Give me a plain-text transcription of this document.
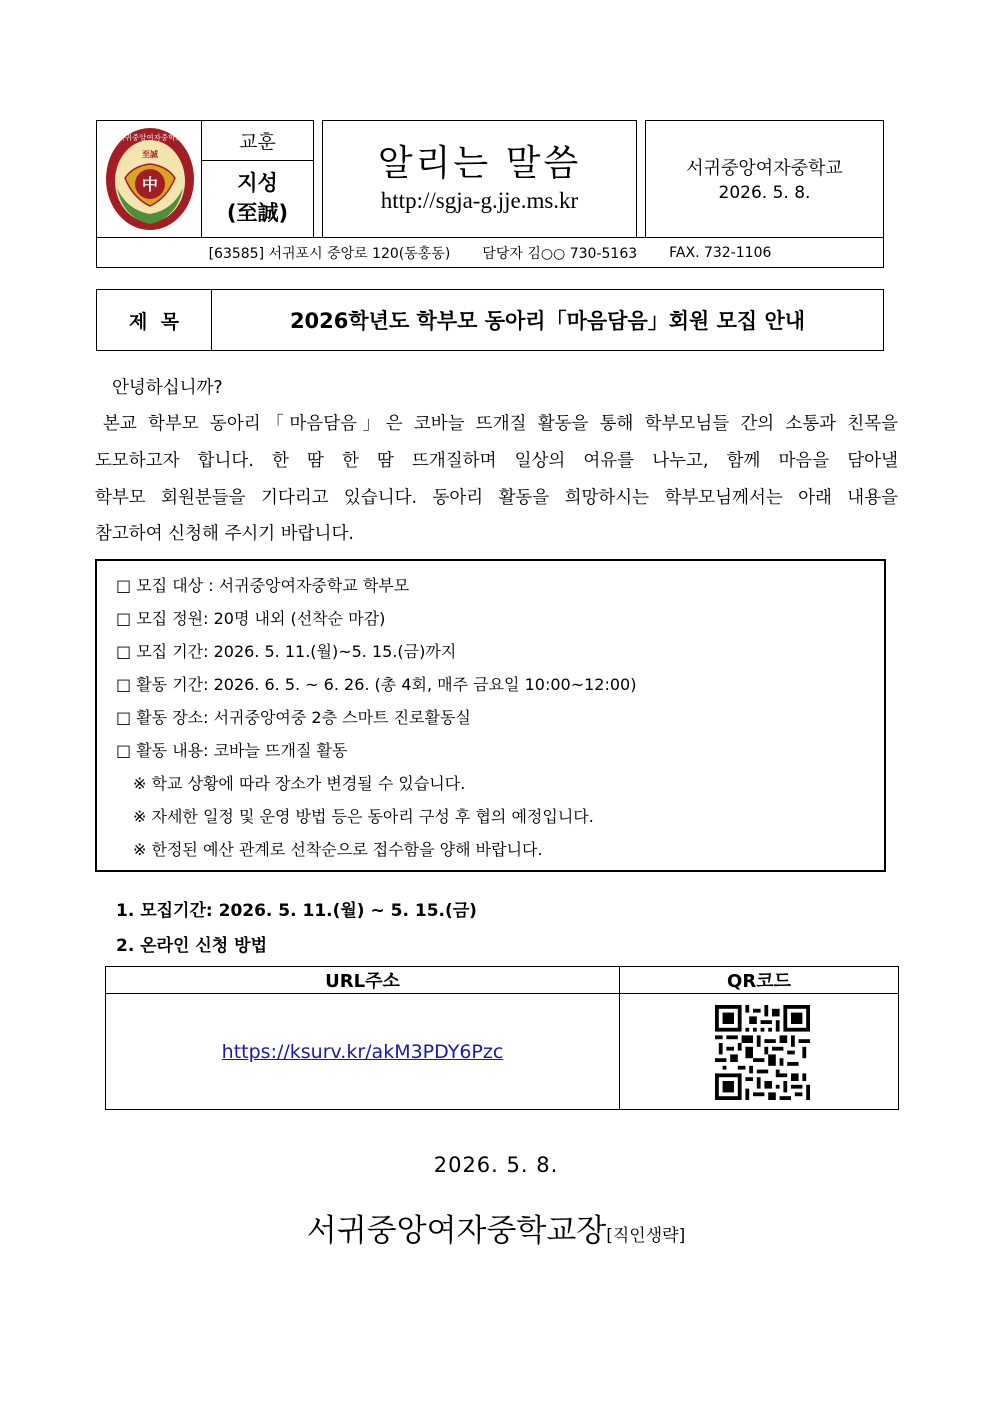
中
서귀중앙여자중학교
至誠
교훈
지성
(至誠)
알리는 말씀
http://sgja-g.jje.ms.kr
서귀중앙여자중학교
2026. 5. 8.
[63585] 서귀포시 중앙로 120(동홍동) 담당자 김○○ 730-5163 FAX. 732-1106
제  목	2026학년도 학부모 동아리「마음담음」회원 모집 안내
안녕하십니까?
본교 학부모 동아리「마음담음」은 코바늘 뜨개질 활동을 통해 학부모님들 간의 소통과 친목을
도모하고자 합니다. 한 땀 한 땀 뜨개질하며 일상의 여유를 나누고, 함께 마음을 담아낼
학부모 회원분들을 기다리고 있습니다. 동아리 활동을 희망하시는 학부모님께서는 아래 내용을
참고하여 신청해 주시기 바랍니다.
□ 모집 대상 : 서귀중앙여자중학교 학부모
□ 모집 정원: 20명 내외 (선착순 마감)
□ 모집 기간: 2026. 5. 11.(월)~5. 15.(금)까지
□ 활동 기간: 2026. 6. 5. ~ 6. 26. (총 4회, 매주 금요일 10:00~12:00)
□ 활동 장소: 서귀중앙여중 2층 스마트 진로활동실
□ 활동 내용: 코바늘 뜨개질 활동
※ 학교 상황에 따라 장소가 변경될 수 있습니다.
※ 자세한 일정 및 운영 방법 등은 동아리 구성 후 협의 예정입니다.
※ 한정된 예산 관계로 선착순으로 접수함을 양해 바랍니다.
1. 모집기간: 2026. 5. 11.(월) ~ 5. 15.(금)
2. 온라인 신청 방법
URL주소	QR코드
https://ksurv.kr/akM3PDY6Pzc
2026. 5. 8.
서귀중앙여자중학교장 [직인생략]
